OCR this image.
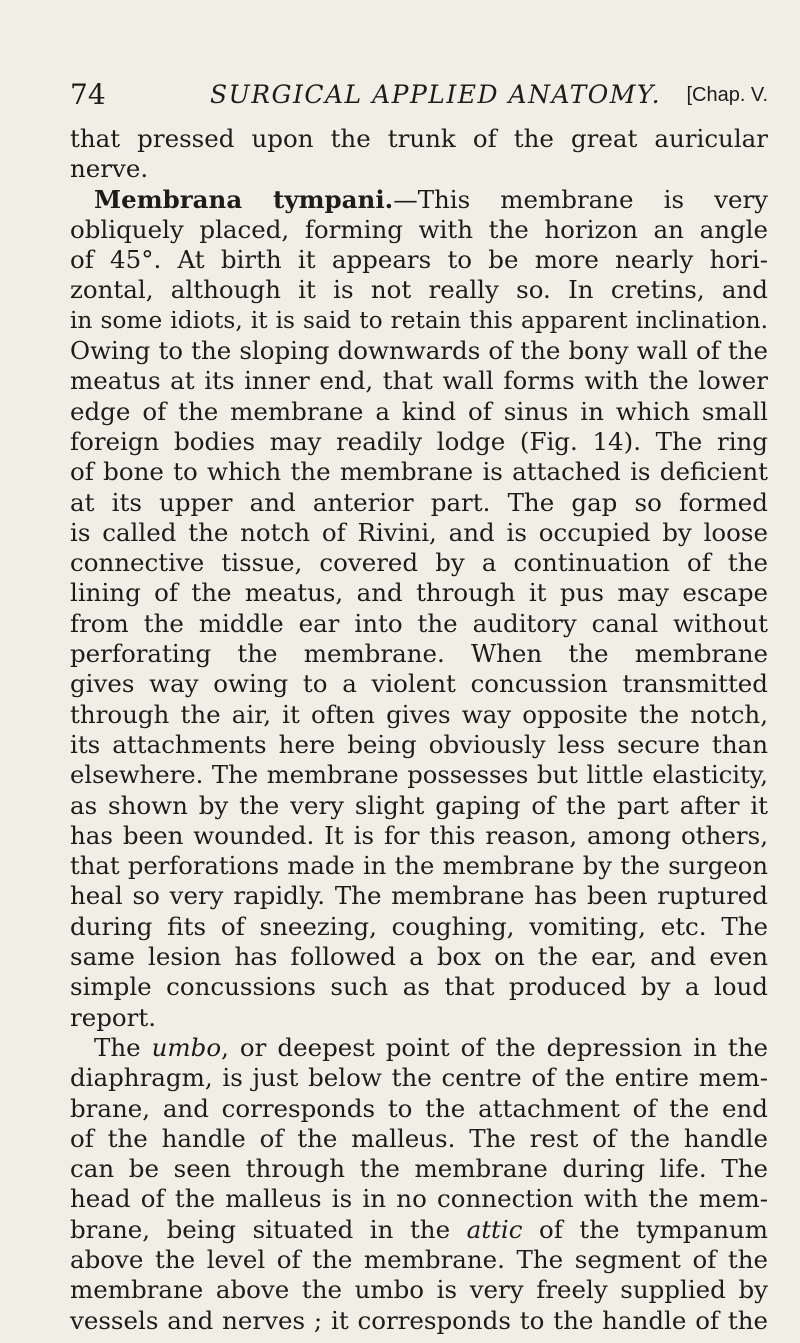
74	SURGICAL APPLIED ANATOMY. [Chap. V.
that pressed upon the trunk of the great auricular
nerve.
Membrana tympani.—This membrane is very
obliquely placed, forming with the horizon an angle
of 45°. At birth it appears to be more nearly hori-
zontal, although it is not really so. In cretins, and
in some idiots, it is said to retain this apparent inclination.
Owing to the sloping downwards of the bony wall of the
meatus at its inner end, that wall forms with the lower
edge of the membrane a kind of sinus in which small
foreign bodies may readily lodge (Fig. 14). The ring
of bone to which the membrane is attached is deficient
at its upper and anterior part. The gap so formed
is called the notch of Rivini, and is occupied by loose
connective tissue, covered by a continuation of the
lining of the meatus, and through it pus may escape
from the middle ear into the auditory canal without
perforating the membrane. When the membrane
gives way owing to a violent concussion transmitted
through the air, it often gives way opposite the notch,
its attachments here being obviously less secure than
elsewhere. The membrane possesses but little elasticity,
as shown by the very slight gaping of the part after it
has been wounded. It is for this reason, among others,
that perforations made in the membrane by the surgeon
heal so very rapidly. The membrane has been ruptured
during fits of sneezing, coughing, vomiting, etc. The
same lesion has followed a box on the ear, and even
simple concussions such as that produced by a loud
report.
The umbo, or deepest point of the depression in the
diaphragm, is just below the centre of the entire mem-
brane, and corresponds to the attachment of the end
of the handle of the malleus. The rest of the handle
can be seen through the membrane during life. The
head of the malleus is in no connection with the mem-
brane, being situated in the attic of the tympanum
above the level of the membrane. The segment of the
membrane above the umbo is very freely supplied by
vessels and nerves ; it corresponds to the handle of the
